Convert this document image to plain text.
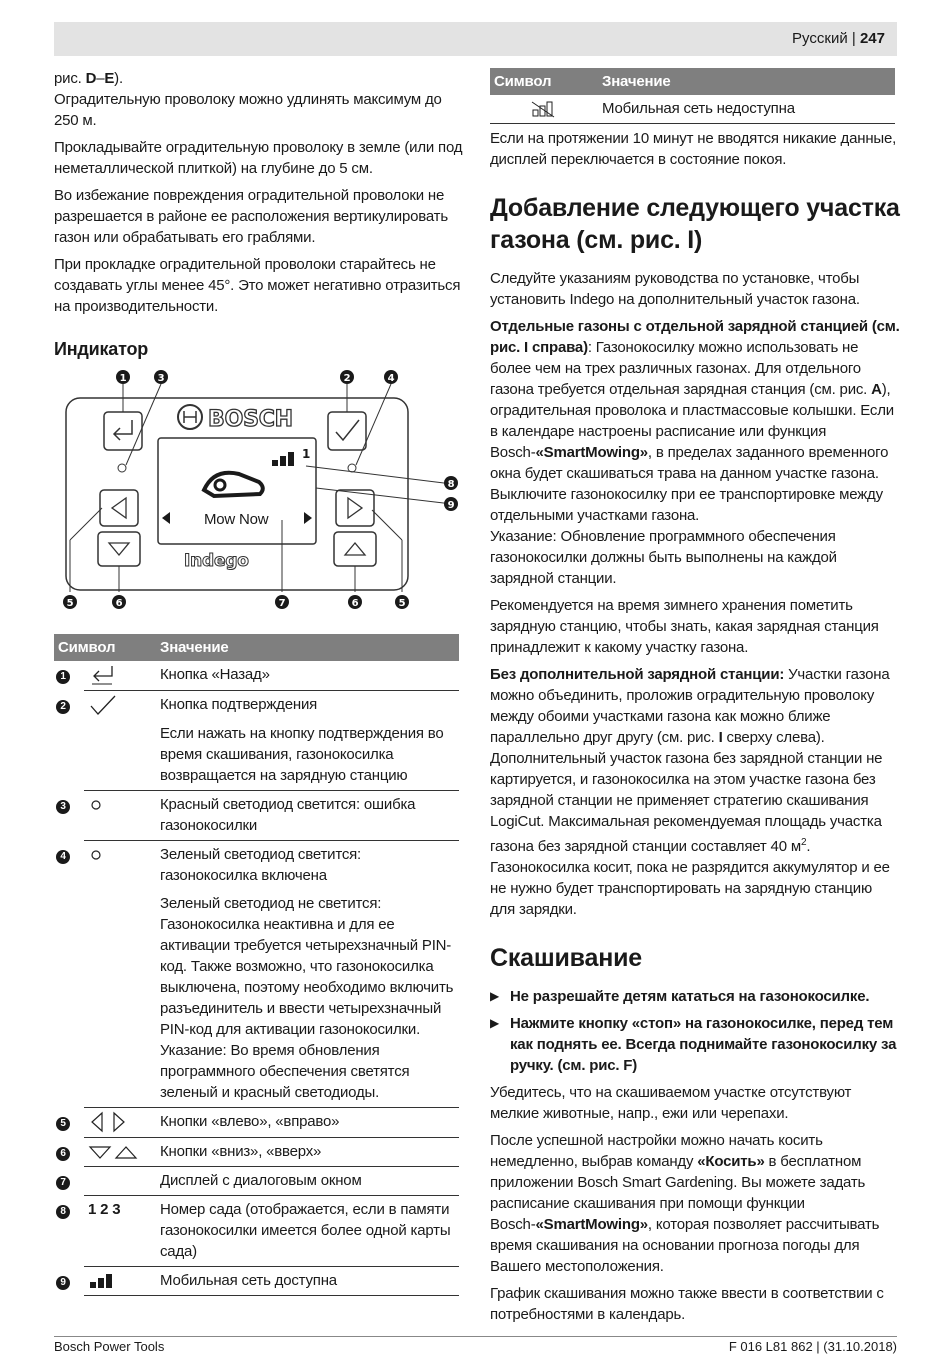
Русский | 247

рис. D–E).

Оградительную проволоку можно удлинять максимум до 250 м.

Прокладывайте оградительную проволоку в земле (или под неметаллической плиткой) на глубине до 5 см.

Во избежание повреждения оградительной проволоки не разрешается в районе ее расположения вертикулировать газон или обрабатывать его граблями.

При прокладке оградительной проволоки старайтесь не создавать углы менее 45°. Это может негативно отразиться на производительности.

Индикатор
1	3	2	4
BOSCH
1
Mow Now
Indego
5	6	7	6	5
8
9
Символ		Значение
1		Кнопка «Назад»
2		Кнопка подтверждения
		Если нажать на кнопку подтверждения во время скашивания, газонокосилка возвращается на зарядную станцию
3		Красный светодиод светится: ошибка газонокосилки
4		Зеленый светодиод светится: газонокосилка включена
		Зеленый светодиод не светится: Газонокосилка неактивна и для ее активации требуется четырехзначный PIN-код. Также возможно, что газонокосилка выключена, поэтому необходимо включить разъединитель и ввести четырехзначный PIN-код для активации газонокосилки. Указание: Во время обновления программного обеспечения светятся зеленый и красный светодиоды.
5		Кнопки «влево», «вправо»
6		Кнопки «вниз», «вверх»
7		Дисплей с диалоговым окном
8	1 2 3	Номер сада (отображается, если в памяти газонокосилки имеется более одной карты сада)
9		Мобильная сеть доступна
Символ	Значение
	Мобильная сеть недоступна

Если на протяжении 10 минут не вводятся никакие данные, дисплей переключается в состояние покоя.

Добавление следующего участка газона (см. рис. I)

Следуйте указаниям руководства по установке, чтобы установить Indego на дополнительный участок газона.

Отдельные газоны с отдельной зарядной станцией (см. рис. I справа): Газонокосилку можно использовать не более чем на трех различных газонах. Для отдельного газона требуется отдельная зарядная станция (см. рис. A), оградительная проволока и пластмассовые колышки. Если в календаре настроены расписание или функция Bosch-«SmartMowing», в пределах заданного временного окна будет скашиваться трава на данном участке газона.

Выключите газонокосилку при ее транспортировке между отдельными участками газона.

Указание: Обновление программного обеспечения газонокосилки должны быть выполнены на каждой зарядной станции.

Рекомендуется на время зимнего хранения пометить зарядную станцию, чтобы знать, какая зарядная станция принадлежит к какому участку газона.

Без дополнительной зарядной станции: Участки газона можно объединить, проложив оградительную проволоку между обоими участками газона как можно ближе параллельно друг другу (см. рис. I сверху слева). Дополнительный участок газона без зарядной станции не картируется, и газонокосилка на этом участке газона без зарядной станции не применяет стратегию скашивания LogiCut. Максимальная рекомендуемая площадь участка газона без зарядной станции составляет 40 $м^2$. Газонокосилка косит, пока не разрядится аккумулятор и ее не нужно будет транспортировать на зарядную станцию для зарядки.

Скашивание
▶ Не разрешайте детям кататься на газонокосилке.
▶ Нажмите кнопку «стоп» на газонокосилке, перед тем как поднять ее. Всегда поднимайте газонокосилку за ручку. (см. рис. F)

Убедитесь, что на скашиваемом участке отсутствуют мелкие животные, напр., ежи или черепахи.

После успешной настройки можно начать косить немедленно, выбрав команду «Косить» в бесплатном приложении Bosch Smart Gardening. Вы можете задать расписание скашивания при помощи функции Bosch-«SmartMowing», которая позволяет рассчитывать время скашивания на основании прогноза погоды для Вашего местоположения.

График скашивания можно также ввести в соответствии с потребностями в календарь.

Bosch Power Tools	F 016 L81 862 | (31.10.2018)
